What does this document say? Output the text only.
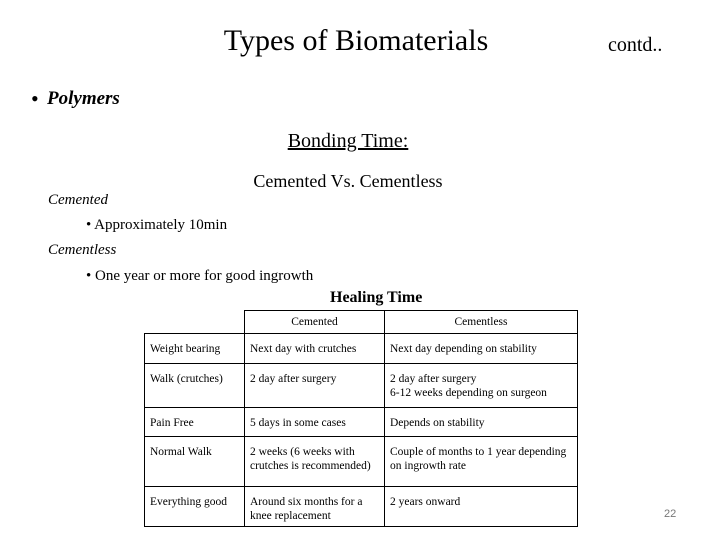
Types of Biomaterials	contd..
• Polymers
Bonding Time:
Cemented Vs. Cementless
Cemented
• Approximately 10min
Cementless
• One year or more for good ingrowth
Healing Time
	Cemented	Cementless
Weight bearing	Next day with crutches	Next day depending on stability

Walk (crutches)	2 day after surgery	2 day after surgery
6-12 weeks depending on surgeon

Pain Free	5 days in some cases	Depends on stability

Normal Walk	2 weeks (6 weeks with crutches is recommended)	Couple of months to 1 year depending on ingrowth rate

Everything good	Around six months for a knee replacement	2 years onward
22
